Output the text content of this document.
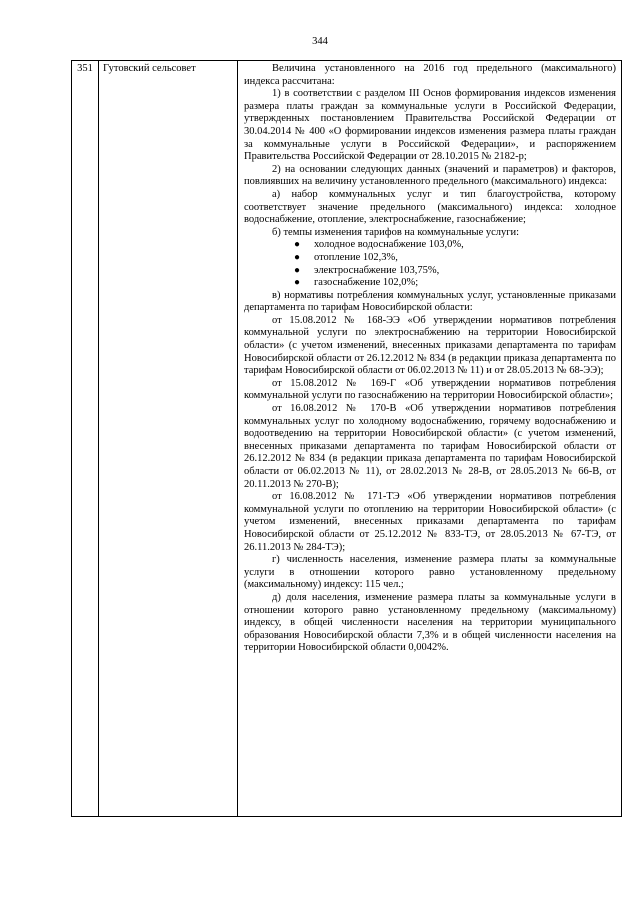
344
351	Гутовский сельсовет	Величина установленного на 2016 год предельного (максимального) индекса рассчитана:

1) в соответствии с разделом III Основ формирования индексов изменения размера платы граждан за коммунальные услуги в Российской Федерации, утвержденных постановлением Правительства Российской Федерации от 30.04.2014 № 400 «О формировании индексов изменения размера платы граждан за коммунальные услуги в Российской Федерации», и распоряжением Правительства Российской Федерации от 28.10.2015 № 2182-р;

2) на основании следующих данных (значений и параметров) и факторов, повлиявших на величину установленного предельного (максимального) индекса:

а) набор коммунальных услуг и тип благоустройства, которому соответствует значение предельного (максимального) индекса: холодное водоснабжение, отопление, электроснабжение, газоснабжение;

б) темпы изменения тарифов на коммунальные услуги:

● холодное водоснабжение 103,0%,
● отопление 102,3%,
● электроснабжение 103,75%,
● газоснабжение 102,0%;

в) нормативы потребления коммунальных услуг, установленные приказами департамента по тарифам Новосибирской области:

от 15.08.2012 № 168-ЭЭ «Об утверждении нормативов потребления коммунальной услуги по электроснабжению на территории Новосибирской области» (с учетом изменений, внесенных приказами департамента по тарифам Новосибирской области от 26.12.2012 № 834 (в редакции приказа департамента по тарифам Новосибирской области от 06.02.2013 № 11) и от 28.05.2013 № 68-ЭЭ);

от 15.08.2012 № 169-Г «Об утверждении нормативов потребления коммунальной услуги по газоснабжению на территории Новосибирской области»;

от 16.08.2012 № 170-В «Об утверждении нормативов потребления коммунальных услуг по холодному водоснабжению, горячему водоснабжению и водоотведению на территории Новосибирской области» (с учетом изменений, внесенных приказами департамента по тарифам Новосибирской области от 26.12.2012 № 834 (в редакции приказа департамента по тарифам Новосибирской области от 06.02.2013 № 11), от 28.02.2013 № 28-В, от 28.05.2013 № 66-В, от 20.11.2013 № 270-В);

от 16.08.2012 № 171-ТЭ «Об утверждении нормативов потребления коммунальной услуги по отоплению на территории Новосибирской области» (с учетом изменений, внесенных приказами департамента по тарифам Новосибирской области от 25.12.2012 № 833-ТЭ, от 28.05.2013 № 67-ТЭ, от 26.11.2013 № 284-ТЭ);

г) численность населения, изменение размера платы за коммунальные услуги в отношении которого равно установленному предельному (максимальному) индексу: 115 чел.;

д) доля населения, изменение размера платы за коммунальные услуги в отношении которого равно установленному предельному (максимальному) индексу, в общей численности населения на территории муниципального образования Новосибирской области 7,3% и в общей численности населения на территории Новосибирской области 0,0042%.
